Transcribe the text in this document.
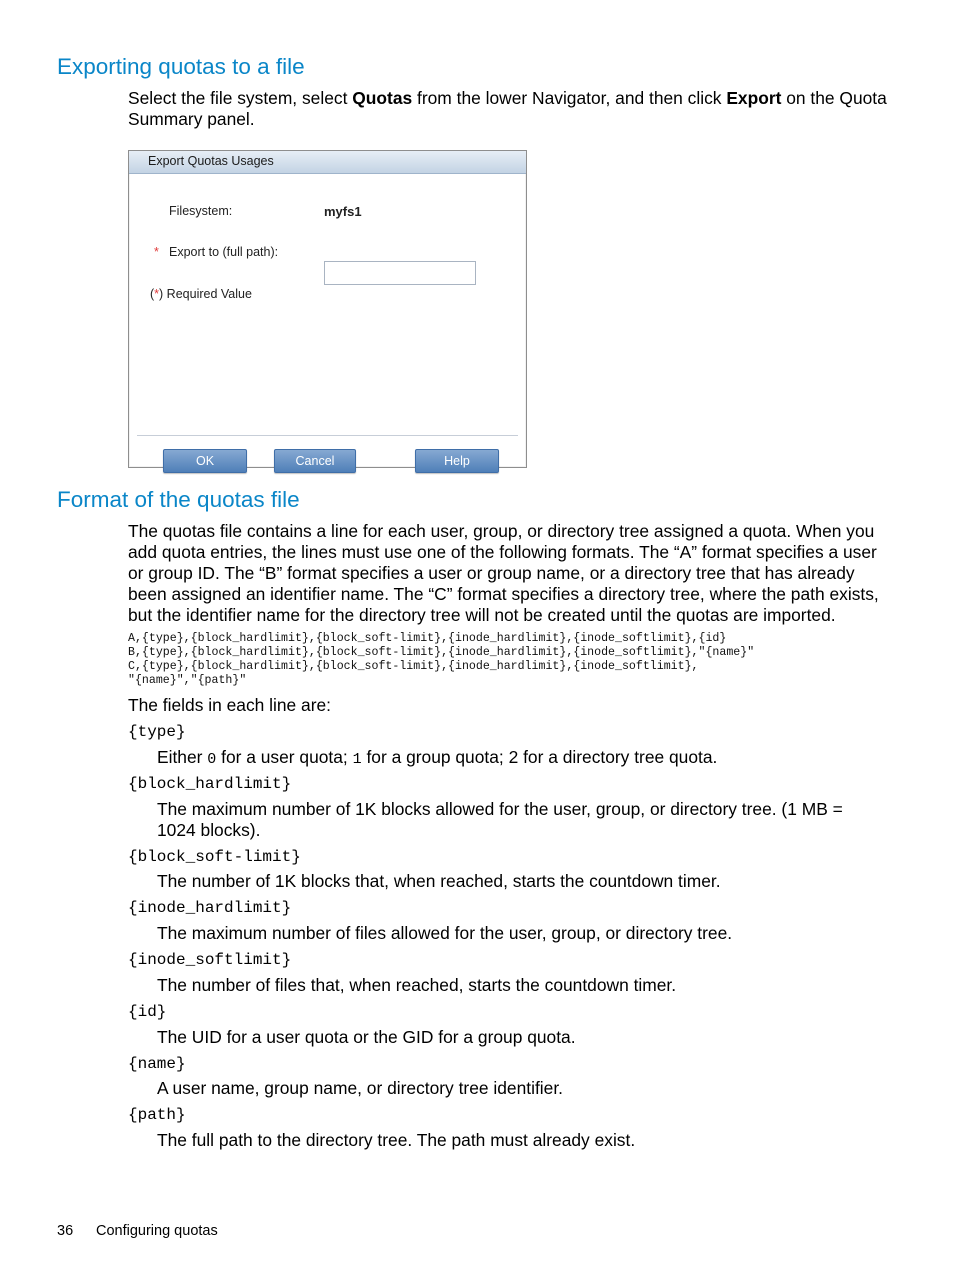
Exporting quotas to a file

Select the file system, select Quotas from the lower Navigator, and then click Export on the Quota
Summary panel.

Export Quotas Usages
Filesystem:	myfs1
* Export to (full path):
(*) Required Value
OK	Cancel	Help
Format of the quotas file

The quotas file contains a line for each user, group, or directory tree assigned a quota. When you
add quota entries, the lines must use one of the following formats. The “A” format specifies a user
or group ID. The “B” format specifies a user or group name, or a directory tree that has already
been assigned an identifier name. The “C” format specifies a directory tree, where the path exists,
but the identifier name for the directory tree will not be created until the quotas are imported.

A,{type},{block_hardlimit},{block_soft-limit},{inode_hardlimit},{inode_softlimit},{id}
B,{type},{block_hardlimit},{block_soft-limit},{inode_hardlimit},{inode_softlimit},"{name}"
C,{type},{block_hardlimit},{block_soft-limit},{inode_hardlimit},{inode_softlimit},
"{name}","{path}"

The fields in each line are:

{type}

Either 0 for a user quota; 1 for a group quota; 2 for a directory tree quota.

{block_hardlimit}

The maximum number of 1K blocks allowed for the user, group, or directory tree. (1 MB =
1024 blocks).

{block_soft-limit}

The number of 1K blocks that, when reached, starts the countdown timer.

{inode_hardlimit}

The maximum number of files allowed for the user, group, or directory tree.

{inode_softlimit}

The number of files that, when reached, starts the countdown timer.

{id}

The UID for a user quota or the GID for a group quota.

{name}

A user name, group name, or directory tree identifier.

{path}

The full path to the directory tree. The path must already exist.

36 Configuring quotas
